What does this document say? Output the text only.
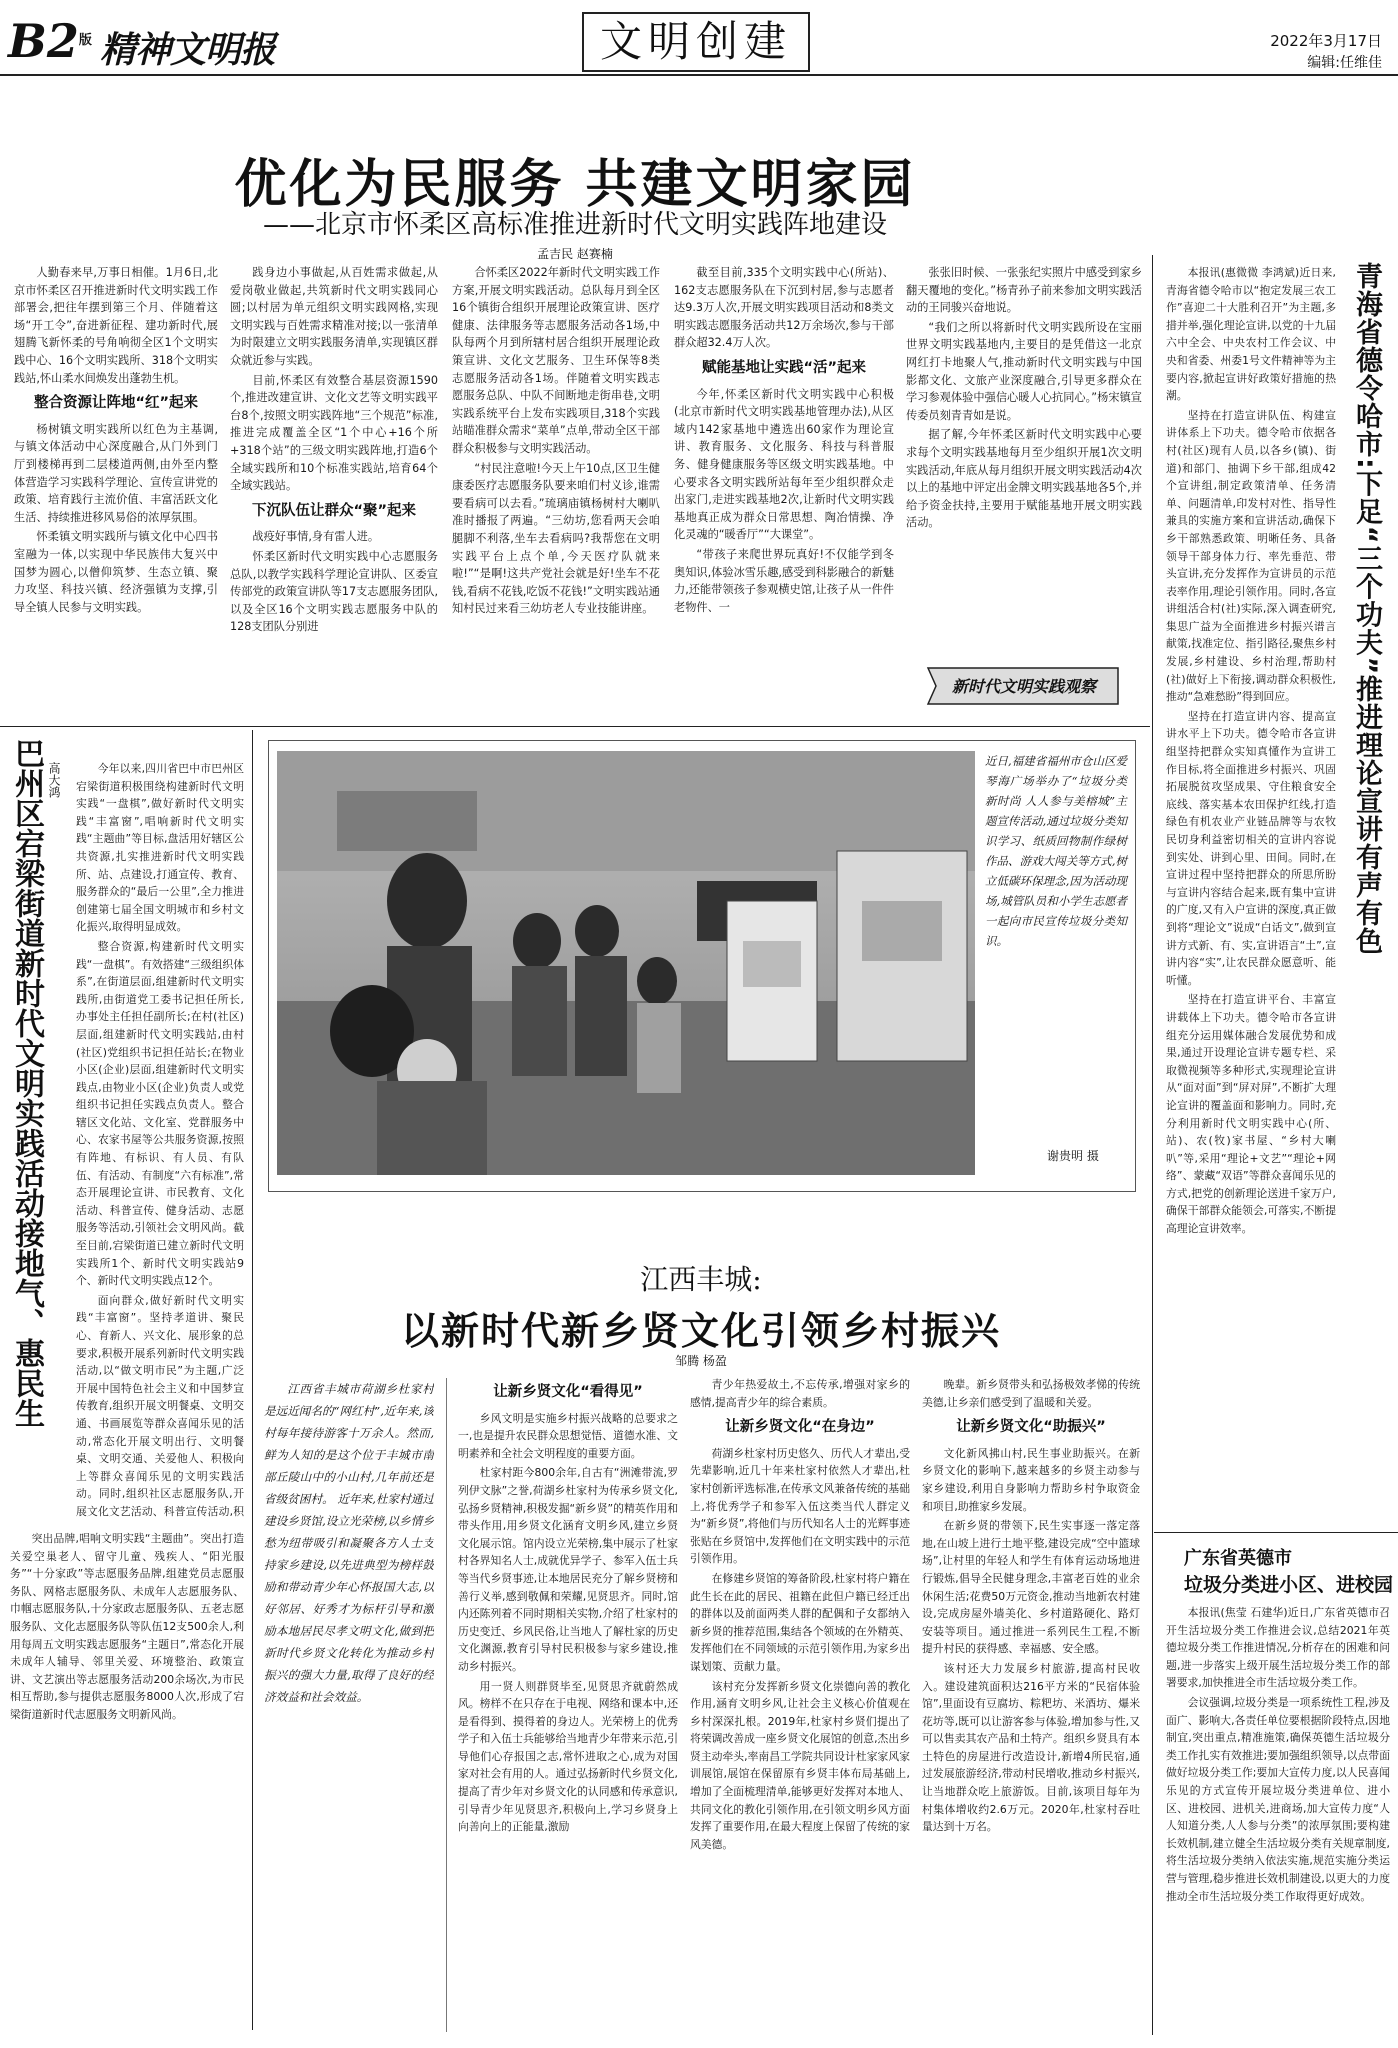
B2版 精神文明报	文明创建	2022年3月17日
编辑:任维佳
优化为民服务 共建文明家园
——北京市怀柔区高标准推进新时代文明实践阵地建设
孟吉民 赵赛楠

人勤春来早,万事日相催。1月6日,北京市怀柔区召开推进新时代文明实践工作部署会,把往年摆到第三个月、伴随着这场“开工令”,奋进新征程、建功新时代,展翅腾飞新怀柔的号角响彻全区1个文明实践中心、16个文明实践所、318个文明实践站,怀山柔水间焕发出蓬勃生机。

整合资源让阵地“红”起来

杨树镇文明实践所以红色为主基调,与镇文体活动中心深度融合,从门外到门厅到楼梯再到二层楼道两侧,由外至内整体营造学习实践科学理论、宣传宣讲党的政策、培育践行主流价值、丰富活跃文化生活、持续推进移风易俗的浓厚氛围。

怀柔镇文明实践所与镇文化中心四书室融为一体,以实现中华民族伟大复兴中国梦为圆心,以僧仰筑梦、生态立镇、聚力攻坚、科技兴镇、经济强镇为支撑,引导全镇人民参与文明实践。

践身边小事做起,从百姓需求做起,从爱岗敬业做起,共筑新时代文明实践同心圆;以村居为单元组织文明实践网格,实现文明实践与百姓需求精准对接;以一张清单为时限建立文明实践服务清单,实现镇区群众就近参与实践。

目前,怀柔区有效整合基层资源1590个,推进改建宣讲、文化文艺等文明实践平台8个,按照文明实践阵地“三个规范”标准,推进完成覆盖全区“1个中心+16个所+318个站”的三级文明实践阵地,打造6个全域实践所和10个标准实践站,培育64个全域实践站。

下沉队伍让群众“聚”起来

战疫好事情,身有雷人进。

怀柔区新时代文明实践中心志愿服务总队,以教学实践科学理论宣讲队、区委宣传部党的政策宣讲队等17支志愿服务团队,以及全区16个文明实践志愿服务中队的128支团队分别进

合怀柔区2022年新时代文明实践工作方案,开展文明实践活动。总队每月到全区16个镇街合组织开展理论政策宣讲、医疗健康、法律服务等志愿服务活动各1场,中队每两个月到所辖村居合组织开展理论政策宣讲、文化文艺服务、卫生环保等8类志愿服务活动各1场。伴随着文明实践志愿服务总队、中队不间断地走街串巷,文明实践系统平台上发布实践项目,318个实践站瞄准群众需求“菜单”点单,带动全区干部群众积极参与文明实践活动。

“村民注意啦!今天上午10点,区卫生健康委医疗志愿服务队要来咱们村义诊,谁需要看病可以去看。”琉璃庙镇杨树村大喇叭准时播报了两遍。“三幼坊,您看两天会咱腿脚不利落,坐车去看病吗?我帮您在文明实践平台上点个单,今天医疗队就来啦!”“是啊!这共产党社会就是好!坐车不花钱,看病不花钱,吃饭不花钱!”文明实践站通知村民过来看三幼坊老人专业技能讲座。

截至目前,335个文明实践中心(所站)、162支志愿服务队在下沉到村居,参与志愿者达9.3万人次,开展文明实践项目活动和8类文明实践志愿服务活动共12万余场次,参与干部群众超32.4万人次。

赋能基地让实践“活”起来

今年,怀柔区新时代文明实践中心积极(北京市新时代文明实践基地管理办法),从区域内142家基地中遴选出60家作为理论宣讲、教育服务、文化服务、科技与科普服务、健身健康服务等区级文明实践基地。中心要求各文明实践所站每年至少组织群众走出家门,走进实践基地2次,让新时代文明实践基地真正成为群众日常思想、陶冶情操、净化灵魂的“暖香厅”“大课堂”。

“带孩子来爬世界玩真好!不仅能学到冬奥知识,体验冰雪乐趣,感受到科影融合的新魅力,还能带领孩子参观横史馆,让孩子从一件件老物件、一

张张旧时候、一张张纪实照片中感受到家乡翻天覆地的变化。”杨青孙子前来参加文明实践活动的王同骏兴奋地说。

“我们之所以将新时代文明实践所设在宝丽世界文明实践基地内,主要目的是凭借这一北京网红打卡地聚人气,推动新时代文明实践与中国影都文化、文旅产业深度融合,引导更多群众在学习参观体验中强信心暖人心抗同心。”杨宋镇宣传委员刻青青如是说。

据了解,今年怀柔区新时代文明实践中心要求每个文明实践基地每月至少组织开展1次文明实践活动,年底从每月组织开展文明实践活动4次以上的基地中评定出金牌文明实践基地各5个,并给予资金扶持,主要用于赋能基地开展文明实践活动。

新时代文明实践观察	青海省德令哈市:下足“三个功夫”推进理论宣讲有声有色

本报讯(惠微微 李鸿斌)近日来,青海省德令哈市以“抱定发展三农工作”喜迎二十大胜利召开”为主题,多措并举,强化理论宣讲,以党的十九届六中全会、中央农村工作会议、中央和省委、州委1号文件精神等为主要内容,掀起宣讲好政策好措施的热潮。

坚持在打造宣讲队伍、构建宣讲体系上下功夫。德令哈市依据各村(社区)现有人员,以各乡(镇)、街道)和部门、抽调下乡干部,组成42个宣讲组,制定政策清单、任务清单、问题清单,印发村对性、指导性兼具的实施方案和宣讲活动,确保下乡干部熟悉政策、明晰任务、具备领导干部身体力行、率先垂范、带头宣讲,充分发挥作为宣讲员的示范表率作用,理论引领作用。同时,各宣讲组活合村(社)实际,深入调查研究,集思广益为全面推进乡村振兴谱言献策,找准定位、指引路径,聚焦乡村发展,乡村建设、乡村治理,帮助村(社)做好上下衔接,调动群众积极性,推动“急难愁盼”得到回应。

坚持在打造宣讲内容、提高宣讲水平上下功夫。德令哈市各宣讲组坚持把群众实知真懂作为宣讲工作目标,将全面推进乡村振兴、巩固拓展脱贫攻坚成果、守住粮食安全底线、落实基本农田保护红线,打造绿色有机农业产业链品牌等与农牧民切身利益密切相关的宣讲内容说到实处、讲到心里、田间。同时,在宣讲过程中坚持把群众的所思所盼与宣讲内容结合起来,既有集中宣讲的广度,又有入户宣讲的深度,真正做到将“理论文”说成“白话文”,做到宣讲方式新、有、实,宣讲语言“土”,宣讲内容“实”,让农民群众愿意听、能听懂。

坚持在打造宣讲平台、丰富宣讲载体上下功夫。德令哈市各宣讲组充分运用媒体融合发展优势和成果,通过开设理论宣讲专题专栏、采取微视频等多种形式,实现理论宣讲从“面对面”到“屏对屏”,不断扩大理论宣讲的覆盖面和影响力。同时,充分利用新时代文明实践中心(所、站)、农(牧)家书屋、“乡村大喇叭”等,采用“理论+文艺”“理论+网络”、蒙藏“双语”等群众喜闻乐见的方式,把党的创新理论送进千家万户,确保干部群众能领会,可落实,不断提高理论宣讲效率。

广东省英德市
垃圾分类进小区、进校园

本报讯(焦莹 石建华)近日,广东省英德市召开生活垃圾分类工作推进会议,总结2021年英德垃圾分类工作推进情况,分析存在的困难和问题,进一步落实上级开展生活垃圾分类工作的部署要求,加快推进全市生活垃圾分类工作。

会议强调,垃圾分类是一项系统性工程,涉及面广、影响大,各责任单位要根据阶段特点,因地制宜,突出重点,精准施策,确保英德生活垃圾分类工作扎实有效推进;要加强组织领导,以点带面做好垃圾分类工作;要加大宣传力度,以人民喜闻乐见的方式宣传开展垃圾分类进单位、进小区、进校园、进机关,进商场,加大宣传力度“人人知道分类,人人参与分类”的浓厚氛围;要构建长效机制,建立健全生活垃圾分类有关规章制度,将生活垃圾分类纳入依法实施,规范实施分类运营与管理,稳步推进长效机制建设,以更大的力度推动全市生活垃圾分类工作取得更好成效。

高大鸿
巴州区宕梁街道新时代文明实践活动接地气、惠民生	今年以来,四川省巴中市巴州区宕梁街道积极围绕构建新时代文明实践“一盘棋”,做好新时代文明实践“丰富窗”,唱响新时代文明实践“主题曲”等目标,盘活用好辖区公共资源,扎实推进新时代文明实践所、站、点建设,打通宣传、教育、服务群众的“最后一公里”,全力推进创建第七届全国文明城市和乡村文化振兴,取得明显成效。

整合资源,构建新时代文明实践“一盘棋”。有效搭建“三级组织体系”,在街道层面,组建新时代文明实践所,由街道党工委书记担任所长,办事处主任担任副所长;在村(社区)层面,组建新时代文明实践站,由村(社区)党组织书记担任站长;在物业小区(企业)层面,组建新时代文明实践点,由物业小区(企业)负责人或党组织书记担任实践点负责人。整合辖区文化站、文化室、党群服务中心、农家书屋等公共服务资源,按照有阵地、有标识、有人员、有队伍、有活动、有制度“六有标准”,常态开展理论宣讲、市民教育、文化活动、科普宣传、健身活动、志愿服务等活动,引领社会文明风尚。截至目前,宕梁街道已建立新时代文明实践所1个、新时代文明实践站9个、新时代文明实践点12个。

面向群众,做好新时代文明实践“丰富窗”。坚持孝道讲、聚民心、育新人、兴文化、展形象的总要求,积极开展系列新时代文明实践活动,以“做文明市民”为主题,广泛开展中国特色社会主义和中国梦宣传教育,组织开展文明餐桌、文明交通、书画展览等群众喜闻乐见的活动,常态化开展文明出行、文明餐桌、文明交通、关爱他人、积极向上等群众喜闻乐见的文明实践活动。同时,组织社区志愿服务队,开展文化文艺活动、科普宣传活动,积

突出品牌,唱响文明实践“主题曲”。突出打造关爱空巢老人、留守儿童、残疾人、“阳光服务”“十分家政”等志愿服务品牌,组建党员志愿服务队、网格志愿服务队、未成年人志愿服务队、巾帼志愿服务队,十分家政志愿服务队、五老志愿服务队、文化志愿服务队等队伍12支500余人,利用每周五文明实践志愿服务“主题日”,常态化开展未成年人辅导、邻里关爱、环境整治、政策宣讲、文艺演出等志愿服务活动200余场次,为市民相互帮助,参与提供志愿服务8000人次,形成了宕梁街道新时代志愿服务文明新风尚。

近日,福建省福州市仓山区爱琴海广场举办了“垃圾分类新时尚 人人参与美榕城”主题宣传活动,通过垃圾分类知识学习、纸质回物制作绿树作品、游戏大闯关等方式,树立低碳环保理念,因为活动现场,城管队员和小学生志愿者一起向市民宣传垃圾分类知识。
谢贵明 摄
江西丰城:
以新时代新乡贤文化引领乡村振兴
邹腾 杨盈
江西省丰城市荷湖乡杜家村是远近闻名的“网红村”,近年来,该村每年接待游客十万余人。然而,鲜为人知的是这个位于丰城市南部丘陵山中的小山村,几年前还是省级贫困村。 近年来,杜家村通过建设乡贤馆,设立光荣榜,以乡情乡愁为纽带吸引和凝聚各方人士支持家乡建设,以先进典型为榜样鼓励和带动青少年心怀报国大志,以好邻居、好秀才为标杆引导和激励本地居民尽孝文明文化,做到把新时代乡贤文化转化为推动乡村振兴的强大力量,取得了良好的经济效益和社会效益。
让新乡贤文化“看得见”

乡风文明是实施乡村振兴战略的总要求之一,也是提升农民群众思想觉悟、道德水准、文明素养和全社会文明程度的重要方面。

杜家村距今800余年,自古有“洲滩带流,罗列伊文脉”之誉,荷湖乡杜家村为传承乡贤文化,弘扬乡贤精神,积极发掘“新乡贤”的精英作用和带头作用,用乡贤文化涵育文明乡风,建立乡贤文化展示馆。馆内设立光荣榜,集中展示了杜家村各界知名人士,成就优异学子、参军入伍士兵等当代乡贤事迹,让本地居民充分了解乡贤榜和善行义举,感到敬佩和荣耀,见贤思齐。同时,馆内还陈列着不同时期相关实物,介绍了杜家村的历史变迁、乡风民俗,让当地人了解杜家的历史文化渊源,教育引导村民积极参与家乡建设,推动乡村振兴。

用一贤人则群贤毕至,见贤思齐就蔚然成风。榜样不在只存在于电视、网络和课本中,还是看得到、摸得着的身边人。光荣榜上的优秀学子和入伍士兵能够给当地青少年带来示范,引导他们心存报国之志,常怀进取之心,成为对国家对社会有用的人。通过弘扬新时代乡贤文化,提高了青少年对乡贤文化的认同感和传承意识,引导青少年见贤思齐,积极向上,学习乡贤身上向善向上的正能量,激励

青少年热爱故土,不忘传承,增强对家乡的感情,提高青少年的综合素质。

让新乡贤文化“在身边”

荷湖乡杜家村历史悠久、历代人才辈出,受先辈影响,近几十年来杜家村依然人才辈出,杜家村创新评选标准,在传承文风兼备传统的基础上,将优秀学子和参军入伍这类当代人群定义为“新乡贤”,将他们与历代知名人士的光辉事迹张贴在乡贤馆中,发挥他们在文明实践中的示范引领作用。

在修建乡贤馆的筹备阶段,杜家村将户籍在此生长在此的居民、祖籍在此但户籍已经迁出的群体以及前面两类人群的配偶和子女都纳入新乡贤的推荐范围,集结各个领域的在外精英、发挥他们在不同领域的示范引领作用,为家乡出谋划策、贡献力量。

该村充分发挥新乡贤文化崇德向善的教化作用,涵育文明乡风,让社会主义核心价值观在乡村深深扎根。2019年,杜家村乡贤们提出了将荣调改善成一座乡贤文化展馆的创意,杰出乡贤主动牵头,率南昌工学院共同设计杜家家风家训展馆,展馆在保留原有乡贤丰体布局基础上,增加了全面梳理清单,能够更好发挥对本地人、共同文化的教化引领作用,在引领文明乡风方面发挥了重要作用,在最大程度上保留了传统的家风美德。

晚辈。新乡贤带头和弘扬极效孝悌的传统美德,让乡亲们感受到了温暖和关爱。

让新乡贤文化“助振兴”

文化新风拂山村,民生事业助振兴。在新乡贤文化的影响下,越来越多的乡贤主动参与家乡建设,利用自身影响力帮助乡村争取资金和项目,助推家乡发展。

在新乡贤的带领下,民生实事逐一落定落地,在山坡上进行土地平整,建设完成“空中篮球场”,让村里的年轻人和学生有体育运动场地进行锻炼,倡导全民健身理念,丰富老百姓的业余休闲生活;花费50万元资金,推动当地新农村建设,完成房屋外墙美化、乡村道路硬化、路灯安装等项目。通过推进一系列民生工程,不断提升村民的获得感、幸福感、安全感。

该村还大力发展乡村旅游,提高村民收入。建设建筑面积达216平方米的“民宿体验馆”,里面设有豆腐坊、粽粑坊、米酒坊、爆米花坊等,既可以让游客参与体验,增加参与性,又可以售卖其农产品和土特产。组织乡贤具有本土特色的房屋进行改造设计,新增4所民宿,通过发展旅游经济,带动村民增收,推动乡村振兴,让当地群众吃上旅游饭。目前,该项目每年为村集体增收约2.6万元。2020年,杜家村吞吐量达到十万名。
